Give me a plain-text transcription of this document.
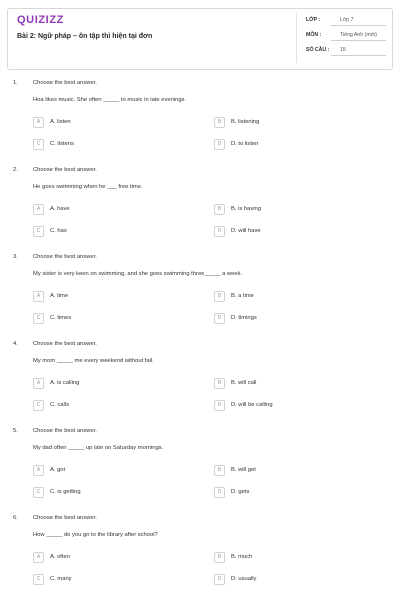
QUIZIZZ
Bài 2: Ngữ pháp – ôn tập thì hiện tại đơn
LỚP :	Lớp 7
MÔN :	Tiếng Anh (mới)
SỐ CÂU : 15
1.	Choose the best answer.
Hoa likes music. She often _____ to music in late evenings.
A	A. listen	B	B. listening
C	C. listens	D	D. to listen
2.	Choose the best answer.
He goes swimming when he ___ free time.
A	A. have	B	B. is having
C	C. has	D	D. will have
3.	Choose the best answer.
My sister is very keen on swimming, and she goes swimming three_____ a week.
A	A. time	B	B. a time
C	C. times	D	D. timings
4.	Choose the best answer.
My mom _____ me every weekend without fail.
A	A. is calling	B	B. will call
C	C. calls	D	D. will be calling
5.	Choose the best answer.
My dad often _____ up late on Saturday mornings.
A	A. got	B	B. will get
C	C. is getting	D	D. gets
6.	Choose the best answer.
How _____ do you go to the library after school?
A	A. often	B	B. much
C	C. many	D	D. usually
